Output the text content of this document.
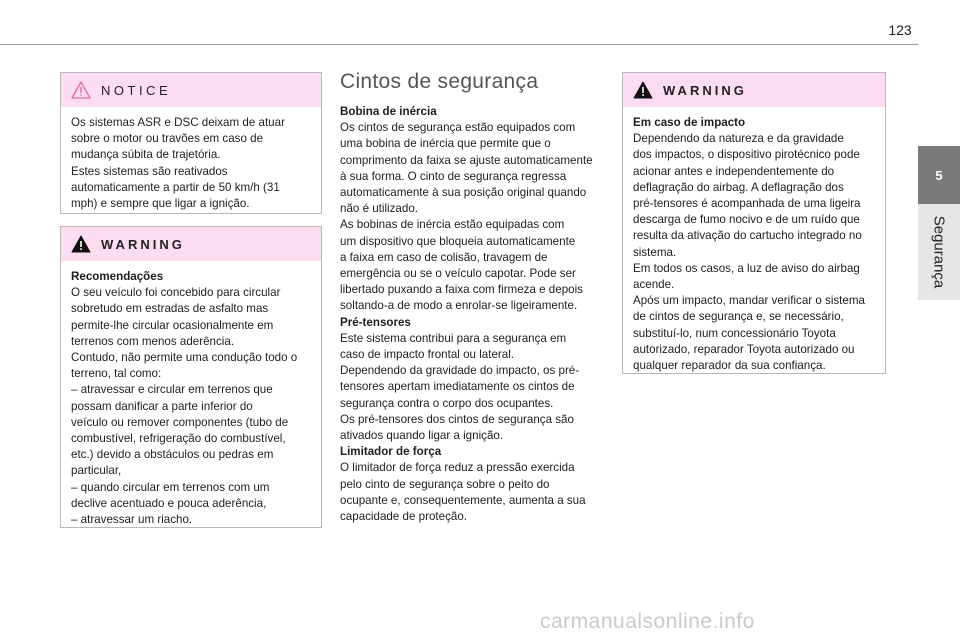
123
5
Segurança
NOTICE

Os sistemas ASR e DSC deixam de atuar

sobre o motor ou travões em caso de

mudança súbita de trajetória.

Estes sistemas são reativados

automaticamente a partir de 50 km/h (31

mph) e sempre que ligar a ignição.

WARNING

Recomendações

O seu veículo foi concebido para circular

sobretudo em estradas de asfalto mas

permite-lhe circular ocasionalmente em

terrenos com menos aderência.

Contudo, não permite uma condução todo o

terreno, tal como:

– atravessar e circular em terrenos que

possam danificar a parte inferior do

veículo ou remover componentes (tubo de

combustível, refrigeração do combustível,

etc.) devido a obstáculos ou pedras em

particular,

– quando circular em terrenos com um

declive acentuado e pouca aderência,

– atravessar um riacho.

Cintos de segurança

Bobina de inércia

Os cintos de segurança estão equipados com

uma bobina de inércia que permite que o

comprimento da faixa se ajuste automaticamente

à sua forma. O cinto de segurança regressa

automaticamente à sua posição original quando

não é utilizado.

As bobinas de inércia estão equipadas com

um dispositivo que bloqueia automaticamente

a faixa em caso de colisão, travagem de

emergência ou se o veículo capotar. Pode ser

libertado puxando a faixa com firmeza e depois

soltando-a de modo a enrolar-se ligeiramente.

Pré-tensores

Este sistema contribui para a segurança em

caso de impacto frontal ou lateral.

Dependendo da gravidade do impacto, os pré-

tensores apertam imediatamente os cintos de

segurança contra o corpo dos ocupantes.

Os pré-tensores dos cintos de segurança são

ativados quando ligar a ignição.

Limitador de força

O limitador de força reduz a pressão exercida

pelo cinto de segurança sobre o peito do

ocupante e, consequentemente, aumenta a sua

capacidade de proteção.

WARNING

Em caso de impacto

Dependendo da natureza e da gravidade

dos impactos, o dispositivo pirotécnico pode

acionar antes e independentemente do

deflagração do airbag. A deflagração dos

pré-tensores é acompanhada de uma ligeira

descarga de fumo nocivo e de um ruído que

resulta da ativação do cartucho integrado no

sistema.

Em todos os casos, a luz de aviso do airbag

acende.

Após um impacto, mandar verificar o sistema

de cintos de segurança e, se necessário,

substituí-lo, num concessionário Toyota

autorizado, reparador Toyota autorizado ou

qualquer reparador da sua confiança.

carmanualsonline.info
